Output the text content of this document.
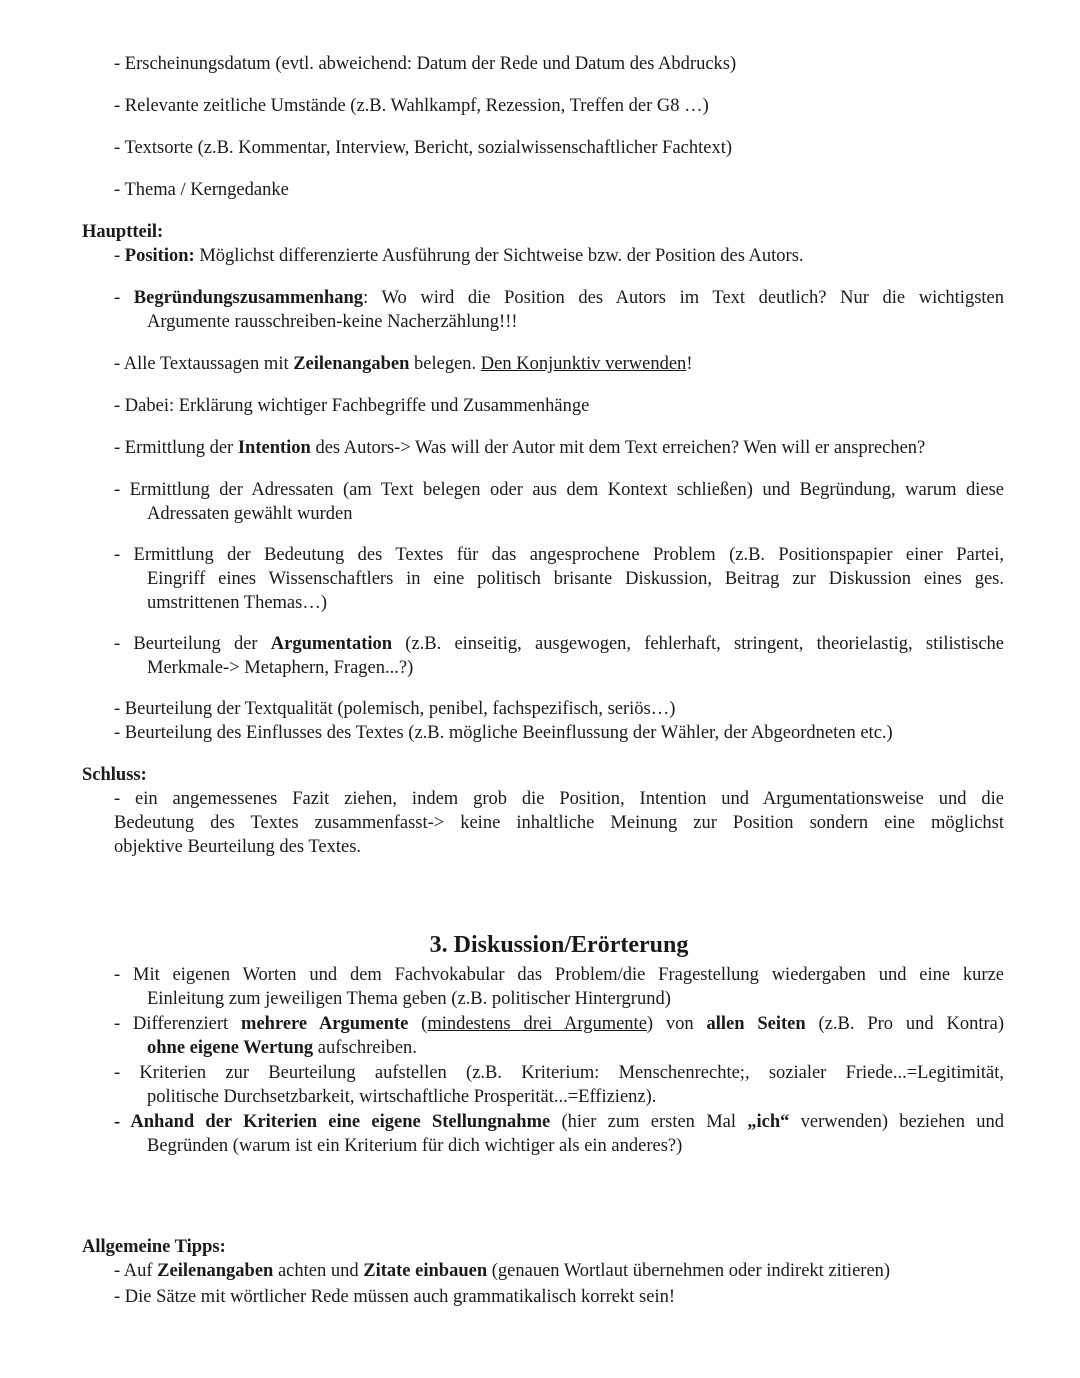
- Erscheinungsdatum (evtl. abweichend: Datum der Rede und Datum des Abdrucks)
- Relevante zeitliche Umstände (z.B. Wahlkampf, Rezession, Treffen der G8 …)
- Textsorte (z.B. Kommentar, Interview, Bericht, sozialwissenschaftlicher Fachtext)
- Thema / Kerngedanke
Hauptteil:
- Position: Möglichst differenzierte Ausführung der Sichtweise bzw. der Position des Autors.
- Begründungszusammenhang: Wo wird die Position des Autors im Text deutlich? Nur die wichtigsten
Argumente rausschreiben-keine Nacherzählung!!!
- Alle Textaussagen mit Zeilenangaben belegen. Den Konjunktiv verwenden!
- Dabei: Erklärung wichtiger Fachbegriffe und Zusammenhänge
- Ermittlung der Intention des Autors-> Was will der Autor mit dem Text erreichen? Wen will er ansprechen?
- Ermittlung der Adressaten (am Text belegen oder aus dem Kontext schließen) und Begründung, warum diese
Adressaten gewählt wurden
- Ermittlung der Bedeutung des Textes für das angesprochene Problem (z.B. Positionspapier einer Partei,
Eingriff eines Wissenschaftlers in eine politisch brisante Diskussion, Beitrag zur Diskussion eines ges.
umstrittenen Themas…)
- Beurteilung der Argumentation (z.B. einseitig, ausgewogen, fehlerhaft, stringent, theorielastig, stilistische
Merkmale-> Metaphern, Fragen...?)
- Beurteilung der Textqualität (polemisch, penibel, fachspezifisch, seriös…)
- Beurteilung des Einflusses des Textes (z.B. mögliche Beeinflussung der Wähler, der Abgeordneten etc.)
Schluss:
- ein angemessenes Fazit ziehen, indem grob die Position, Intention und Argumentationsweise und die
Bedeutung des Textes zusammenfasst-> keine inhaltliche Meinung zur Position sondern eine möglichst
objektive Beurteilung des Textes.
3. Diskussion/Erörterung
- Mit eigenen Worten und dem Fachvokabular das Problem/die Fragestellung wiedergaben und eine kurze
Einleitung zum jeweiligen Thema geben (z.B. politischer Hintergrund)
- Differenziert mehrere Argumente (mindestens drei Argumente) von allen Seiten (z.B. Pro und Kontra)
ohne eigene Wertung aufschreiben.
- Kriterien zur Beurteilung aufstellen (z.B. Kriterium: Menschenrechte;, sozialer Friede...=Legitimität,
politische Durchsetzbarkeit, wirtschaftliche Prosperität...=Effizienz).
- Anhand der Kriterien eine eigene Stellungnahme (hier zum ersten Mal „ich“ verwenden) beziehen und
Begründen (warum ist ein Kriterium für dich wichtiger als ein anderes?)
Allgemeine Tipps:
- Auf Zeilenangaben achten und Zitate einbauen (genauen Wortlaut übernehmen oder indirekt zitieren)
- Die Sätze mit wörtlicher Rede müssen auch grammatikalisch korrekt sein!
